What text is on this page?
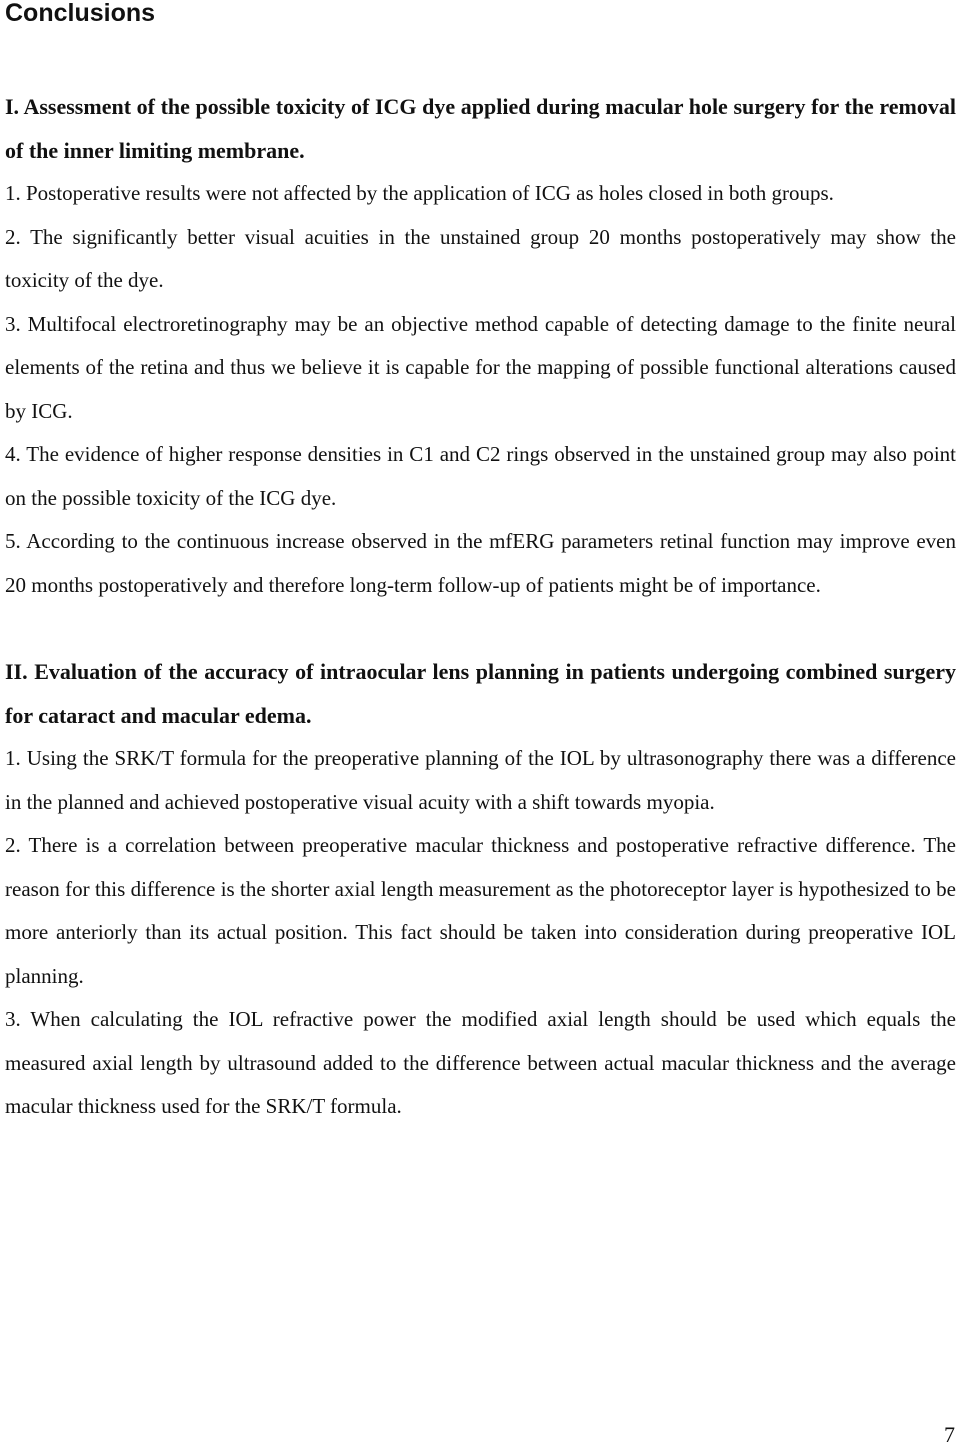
Conclusions

I. Assessment of the possible toxicity of ICG dye applied during macular hole surgery for the removal of the inner limiting membrane.

1. Postoperative results were not affected by the application of ICG as holes closed in both groups.

2. The significantly better visual acuities in the unstained group 20 months postoperatively may show the toxicity of the dye.

3. Multifocal electroretinography may be an objective method capable of detecting damage to the finite neural elements of the retina and thus we believe it is capable for the mapping of possible functional alterations caused by ICG.

4. The evidence of higher response densities in C1 and C2 rings observed in the unstained group may also point on the possible toxicity of the ICG dye.

5. According to the continuous increase observed in the mfERG parameters retinal function may improve even 20 months postoperatively and therefore long-term follow-up of patients might be of importance.

II. Evaluation of the accuracy of intraocular lens planning in patients undergoing combined surgery for cataract and macular edema.

1. Using the SRK/T formula for the preoperative planning of the IOL by ultrasonography there was a difference in the planned and achieved postoperative visual acuity with a shift towards myopia.

2. There is a correlation between preoperative macular thickness and postoperative refractive difference. The reason for this difference is the shorter axial length measurement as the photoreceptor layer is hypothesized to be more anteriorly than its actual position. This fact should be taken into consideration during preoperative IOL planning.

3. When calculating the IOL refractive power the modified axial length should be used which equals the measured axial length by ultrasound added to the difference between actual macular thickness and the average macular thickness used for the SRK/T formula.

7
